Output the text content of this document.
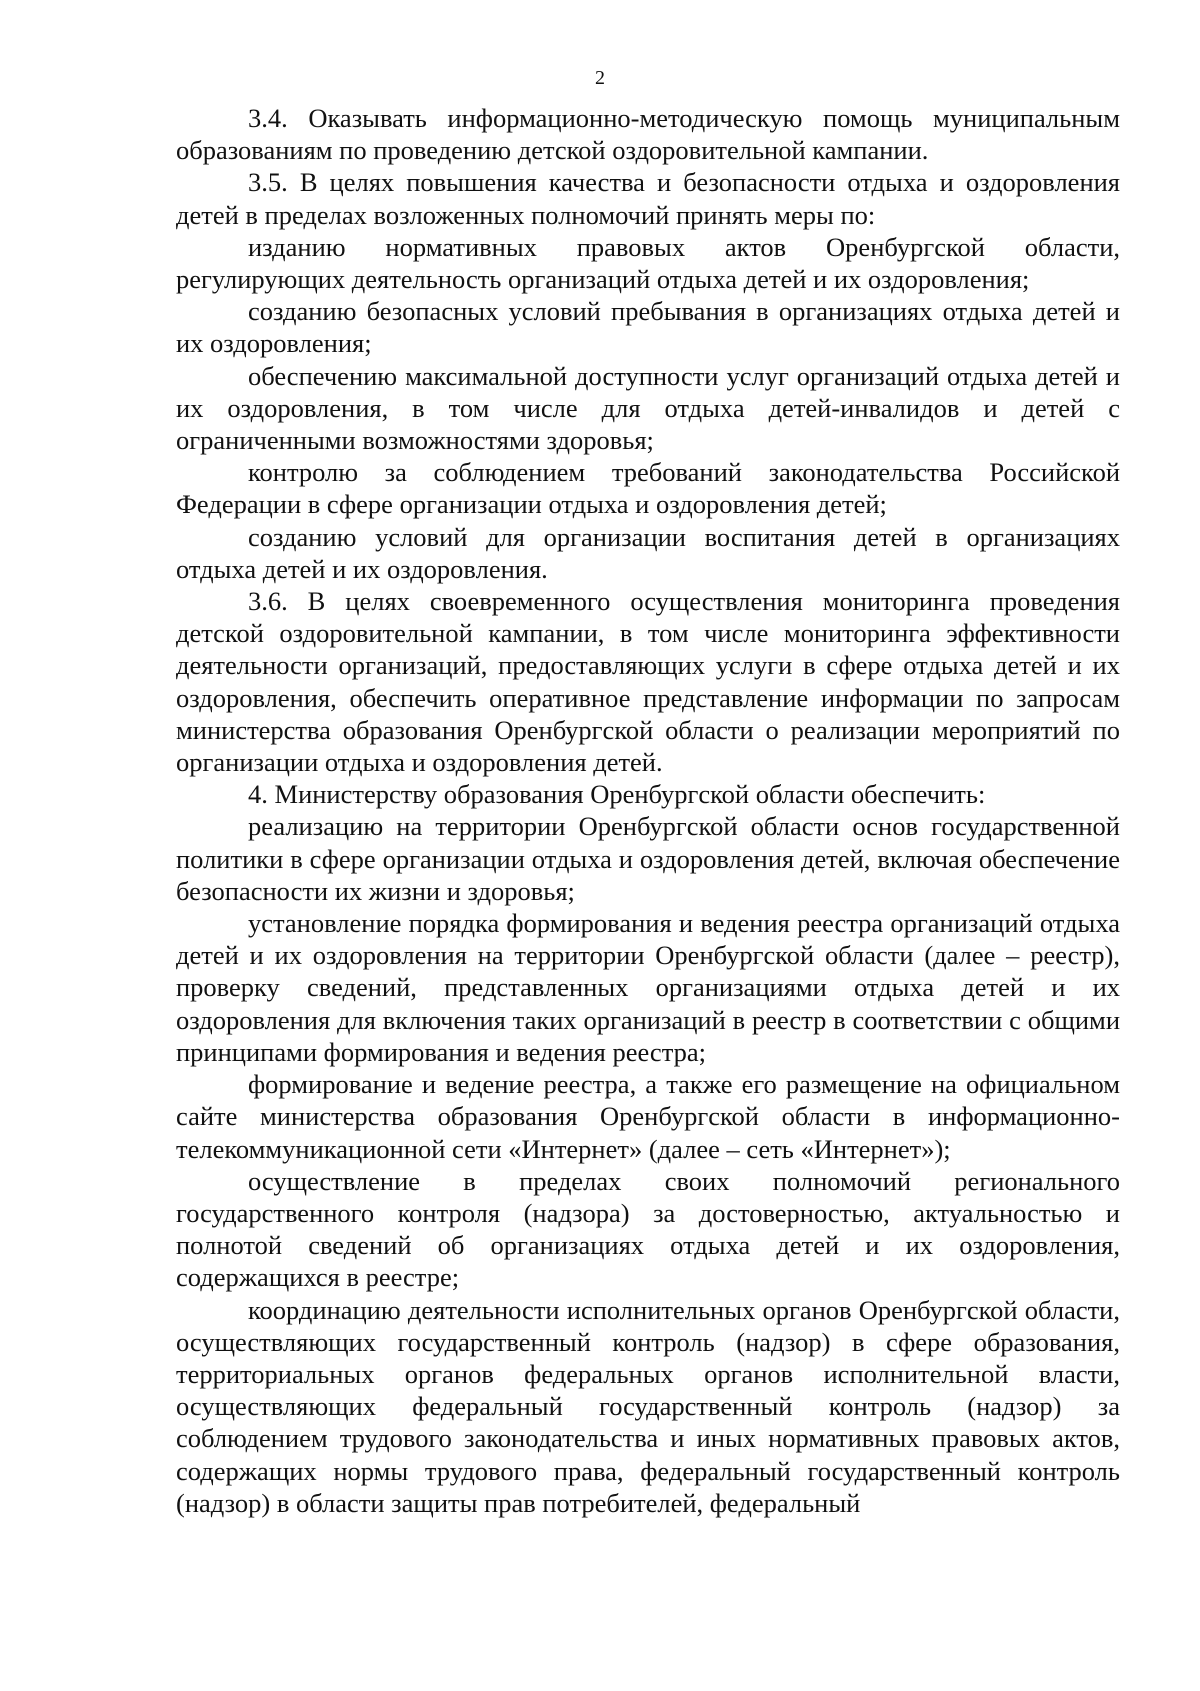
2

3.4. Оказывать информационно-методическую помощь муниципальным образованиям по проведению детской оздоровительной кампании.

3.5. В целях повышения качества и безопасности отдыха и оздоровления детей в пределах возложенных полномочий принять меры по:

изданию нормативных правовых актов Оренбургской области, регулирующих деятельность организаций отдыха детей и их оздоровления;

созданию безопасных условий пребывания в организациях отдыха детей и их оздоровления;

обеспечению максимальной доступности услуг организаций отдыха детей и их оздоровления, в том числе для отдыха детей-инвалидов и детей с ограниченными возможностями здоровья;

контролю за соблюдением требований законодательства Российской Федерации в сфере организации отдыха и оздоровления детей;

созданию условий для организации воспитания детей в организациях отдыха детей и их оздоровления.

3.6. В целях своевременного осуществления мониторинга проведения детской оздоровительной кампании, в том числе мониторинга эффективности деятельности организаций, предоставляющих услуги в сфере отдыха детей и их оздоровления, обеспечить оперативное представление информации по запросам министерства образования Оренбургской области о реализации мероприятий по организации отдыха и оздоровления детей.

4. Министерству образования Оренбургской области обеспечить:

реализацию на территории Оренбургской области основ государственной политики в сфере организации отдыха и оздоровления детей, включая обеспечение безопасности их жизни и здоровья;

установление порядка формирования и ведения реестра организаций отдыха детей и их оздоровления на территории Оренбургской области (далее – реестр), проверку сведений, представленных организациями отдыха детей и их оздоровления для включения таких организаций в реестр в соответствии с общими принципами формирования и ведения реестра;

формирование и ведение реестра, а также его размещение на официальном сайте министерства образования Оренбургской области в информационно-телекоммуникационной сети «Интернет» (далее – сеть «Интернет»);

осуществление в пределах своих полномочий регионального государственного контроля (надзора) за достоверностью, актуальностью и полнотой сведений об организациях отдыха детей и их оздоровления, содержащихся в реестре;

координацию деятельности исполнительных органов Оренбургской области, осуществляющих государственный контроль (надзор) в сфере образования, территориальных органов федеральных органов исполнительной власти, осуществляющих федеральный государственный контроль (надзор) за соблюдением трудового законодательства и иных нормативных правовых актов, содержащих нормы трудового права, федеральный государственный контроль (надзор) в области защиты прав потребителей, федеральный
